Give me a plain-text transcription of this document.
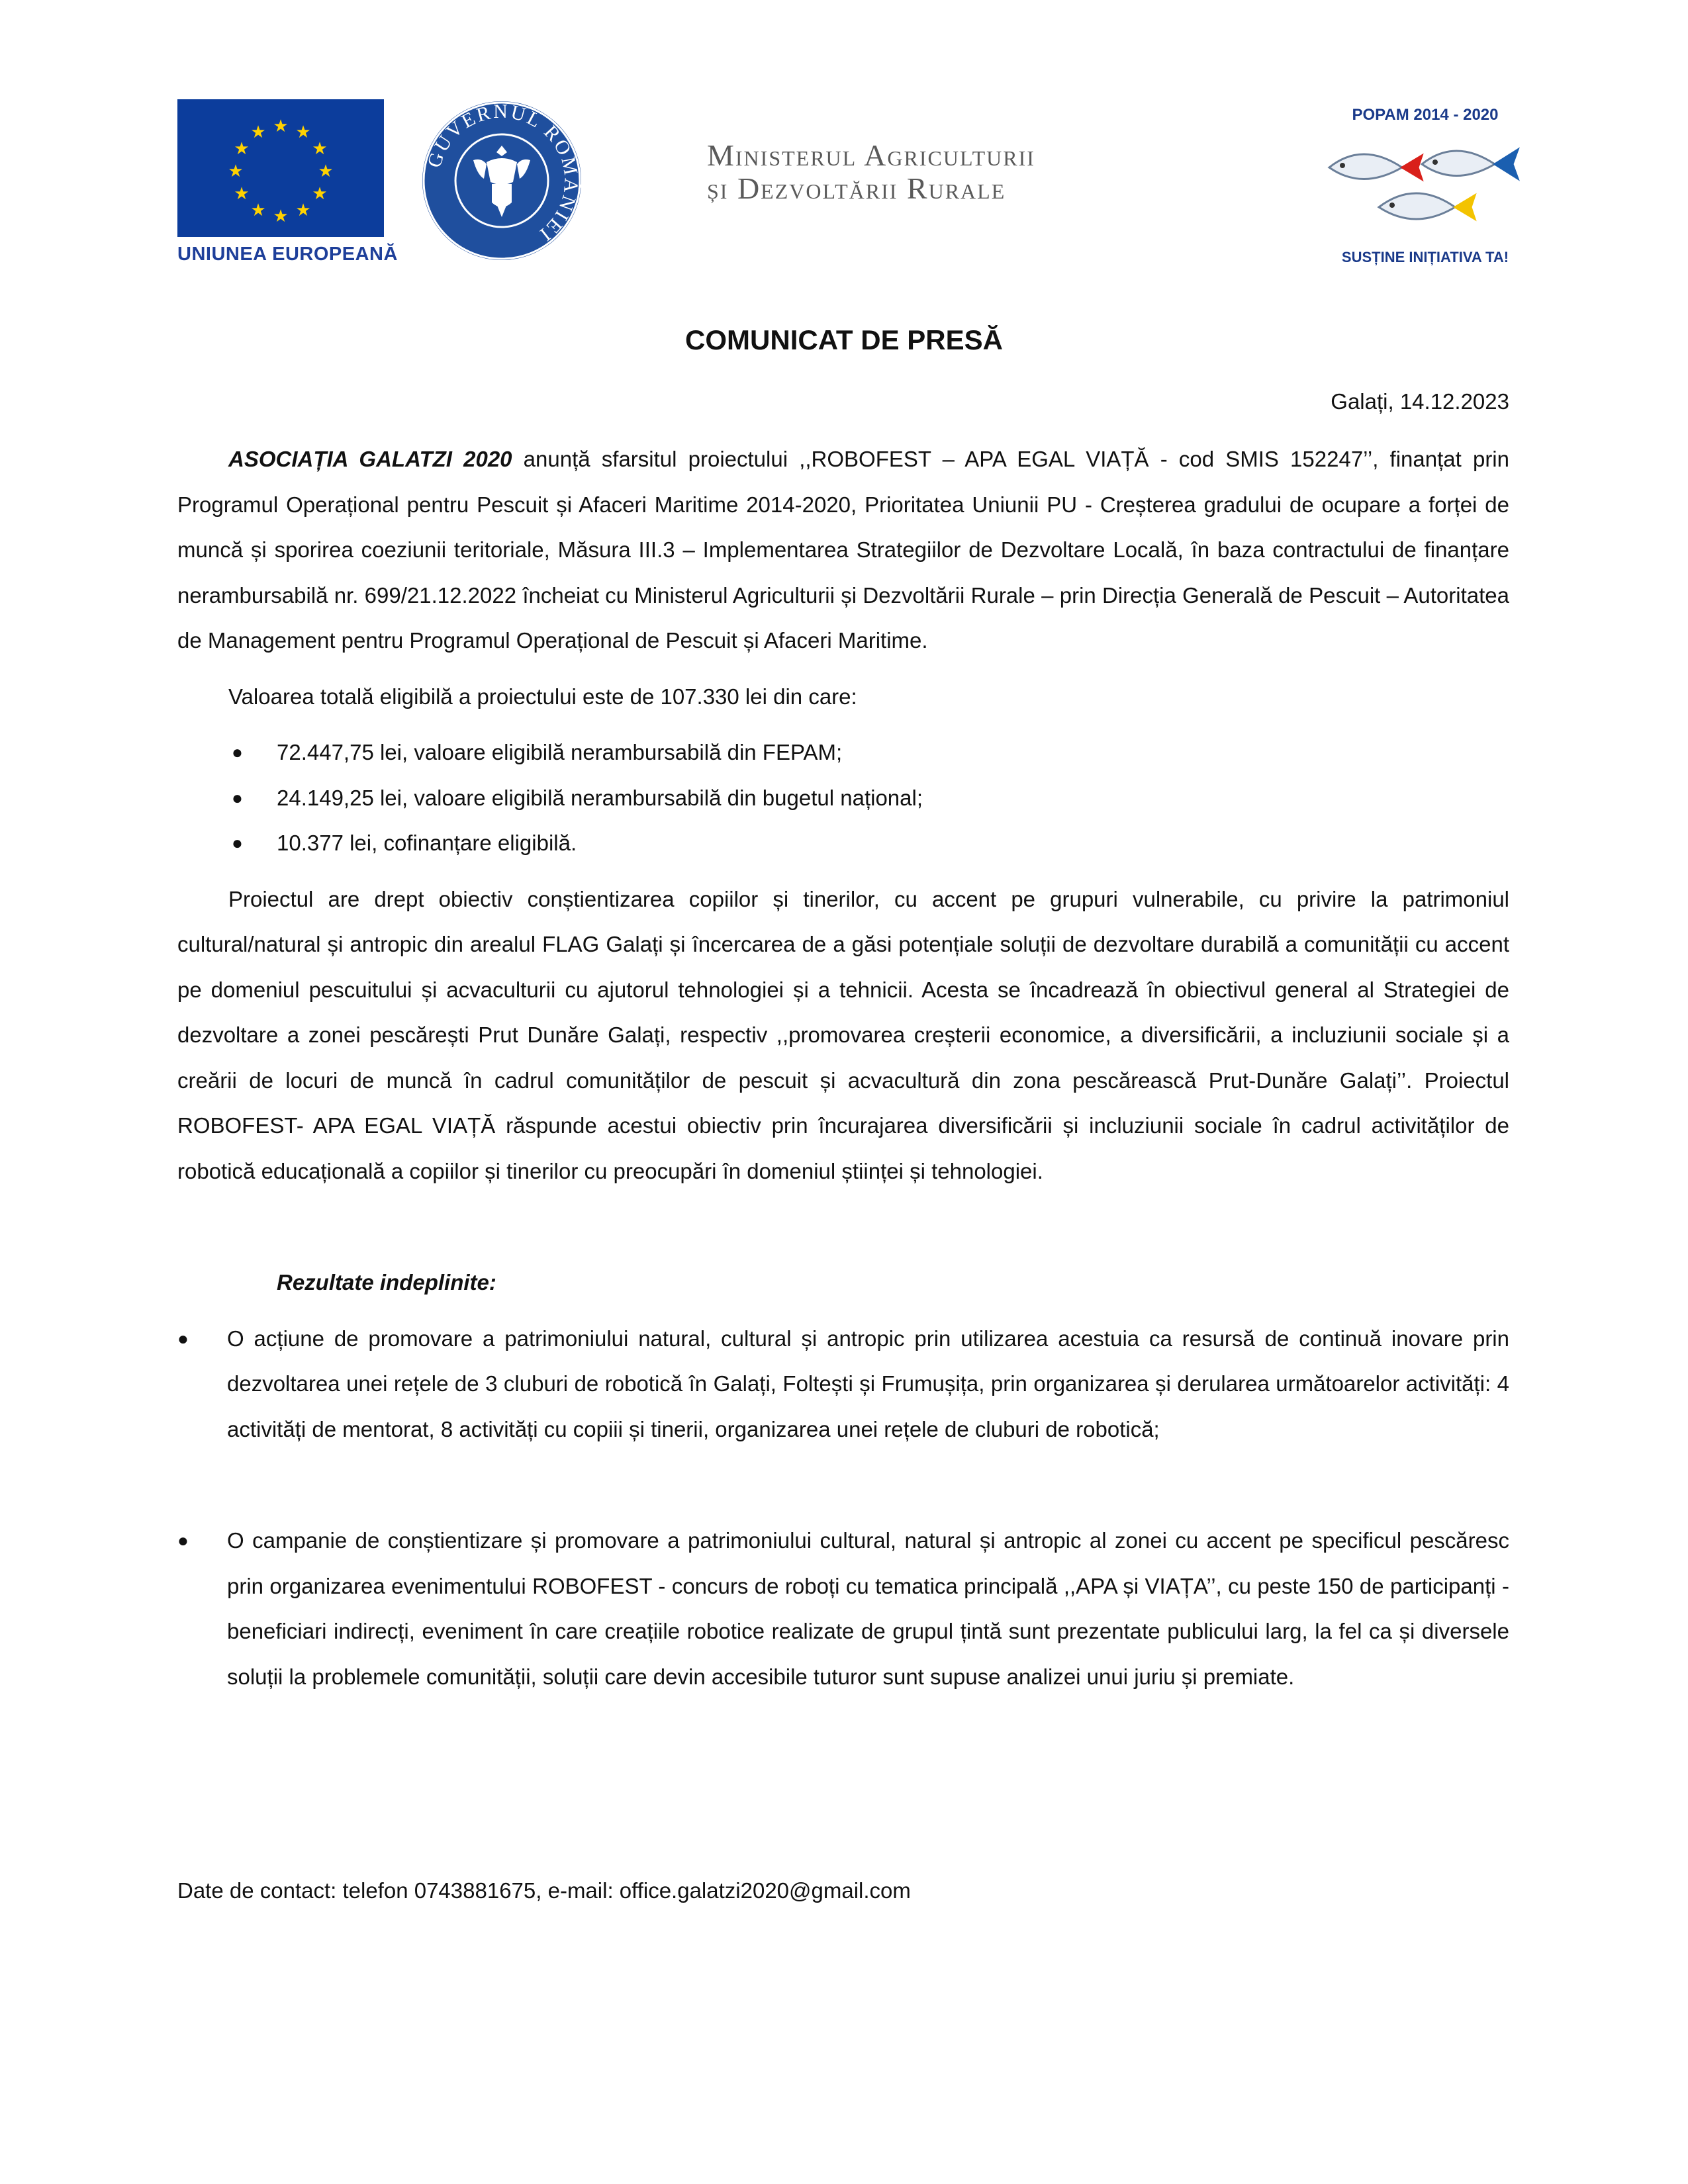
★ ★
★
★
★
★
★
★
★
★
★
★
UNIUNEA EUROPEANĂ
GUVERNUL ROMÂNIEI
Ministerul Agriculturii
și Dezvoltării Rurale
POPAM 2014 - 2020
SUSȚINE INIȚIATIVA TA!
COMUNICAT DE PRESĂ
Galați, 14.12.2023

ASOCIAȚIA GALATZI 2020 anunță sfarsitul proiectului ,,ROBOFEST – APA EGAL VIAȚĂ - cod SMIS 152247’’, finanțat prin Programul Operațional pentru Pescuit și Afaceri Maritime 2014-2020, Prioritatea Uniunii PU - Creșterea gradului de ocupare a forței de muncă și sporirea coeziunii teritoriale, Măsura III.3 – Implementarea Strategiilor de Dezvoltare Locală, în baza contractului de finanțare nerambursabilă nr. 699/21.12.2022 încheiat cu Ministerul Agriculturii și Dezvoltării Rurale – prin Direcția Generală de Pescuit – Autoritatea de Management pentru Programul Operațional de Pescuit și Afaceri Maritime.

Valoarea totală eligibilă a proiectului este de 107.330 lei din care:

● 72.447,75 lei, valoare eligibilă nerambursabilă din FEPAM;
● 24.149,25 lei, valoare eligibilă nerambursabilă din bugetul național;
● 10.377 lei, cofinanțare eligibilă.

Proiectul are drept obiectiv conștientizarea copiilor și tinerilor, cu accent pe grupuri vulnerabile, cu privire la patrimoniul cultural/natural și antropic din arealul FLAG Galați și încercarea de a găsi potențiale soluții de dezvoltare durabilă a comunității cu accent pe domeniul pescuitului și acvaculturii cu ajutorul tehnologiei și a tehnicii. Acesta se încadrează în obiectivul general al Strategiei de dezvoltare a zonei pescărești Prut Dunăre Galați, respectiv ,,promovarea creșterii economice, a diversificării, a incluziunii sociale și a creării de locuri de muncă în cadrul comunităților de pescuit și acvacultură din zona pescărească Prut-Dunăre Galați’’. Proiectul ROBOFEST- APA EGAL VIAȚĂ răspunde acestui obiectiv prin încurajarea diversificării și incluziunii sociale în cadrul activităților de robotică educațională a copiilor și tinerilor cu preocupări în domeniul științei și tehnologiei.

Rezultate indeplinite:
● O acțiune de promovare a patrimoniului natural, cultural și antropic prin utilizarea acestuia ca resursă de continuă inovare prin dezvoltarea unei rețele de 3 cluburi de robotică în Galați, Foltești și Frumușița, prin organizarea și derularea următoarelor activități: 4 activități de mentorat, 8 activități cu copiii și tinerii, organizarea unei rețele de cluburi de robotică;
● O campanie de conștientizare și promovare a patrimoniului cultural, natural și antropic al zonei cu accent pe specificul pescăresc prin organizarea evenimentului ROBOFEST - concurs de roboți cu tematica principală ,,APA și VIAȚA’’, cu peste 150 de participanți - beneficiari indirecți, eveniment în care creațiile robotice realizate de grupul țintă sunt prezentate publicului larg, la fel ca și diversele soluții la problemele comunității, soluții care devin accesibile tuturor sunt supuse analizei unui juriu și premiate.
Date de contact: telefon 0743881675, e-mail: office.galatzi2020@gmail.com
